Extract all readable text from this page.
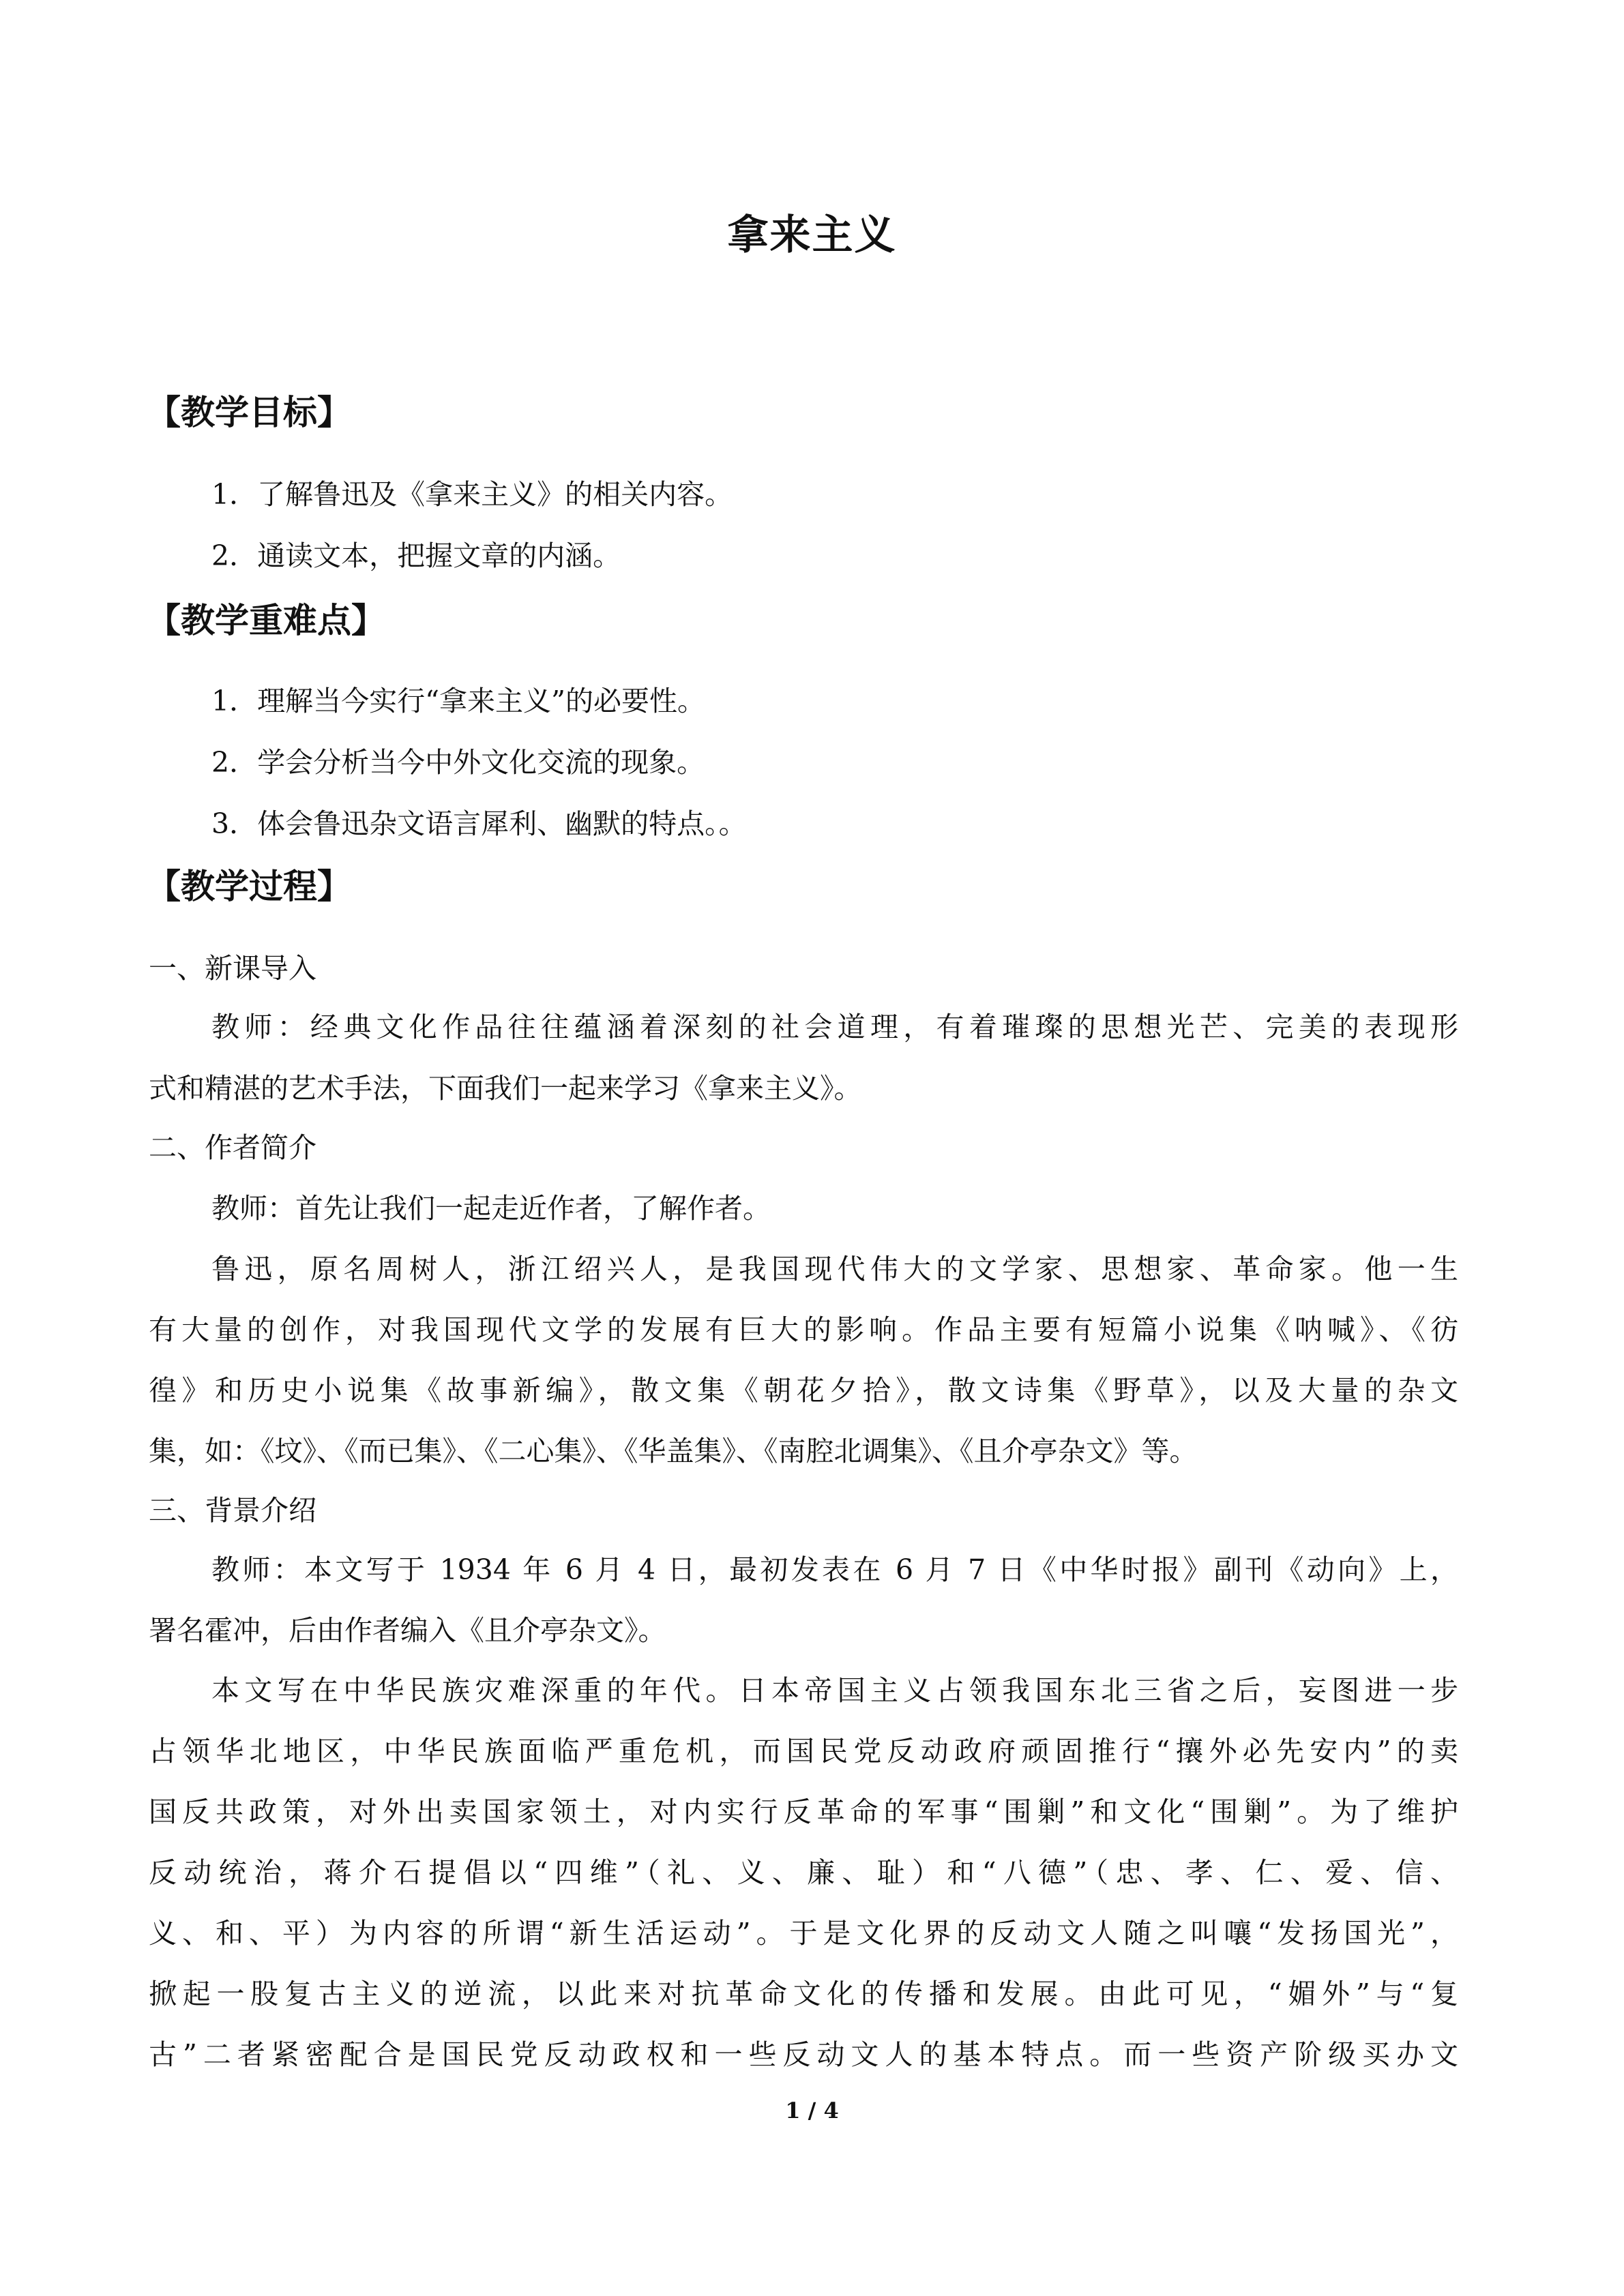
拿来主义
【教学目标】
1．了解鲁迅及《拿来主义》的相关内容。
2．通读文本，把握文章的内涵。
【教学重难点】
1．理解当今实行“拿来主义”的必要性。
2．学会分析当今中外文化交流的现象。
3．体会鲁迅杂文语言犀利、幽默的特点。。
【教学过程】
一、新课导入
教师：经典文化作品往往蕴涵着深刻的社会道理，有着璀璨的思想光芒、完美的表现形
式和精湛的艺术手法，下面我们一起来学习《拿来主义》。
二、作者简介
教师：首先让我们一起走近作者，了解作者。
鲁迅，原名周树人，浙江绍兴人，是我国现代伟大的文学家、思想家、革命家。他一生
有大量的创作，对我国现代文学的发展有巨大的影响。作品主要有短篇小说集《呐喊》、《彷
徨》和历史小说集《故事新编》，散文集《朝花夕拾》，散文诗集《野草》，以及大量的杂文
集，如：《坟》、《而已集》、《二心集》、《华盖集》、《南腔北调集》、《且介亭杂文》等。
三、背景介绍
教师：本文写于 1934 年 6 月 4 日，最初发表在 6 月 7 日《中华时报》副刊《动向》上，
署名霍冲，后由作者编入《且介亭杂文》。
本文写在中华民族灾难深重的年代。日本帝国主义占领我国东北三省之后，妄图进一步
占领华北地区，中华民族面临严重危机，而国民党反动政府顽固推行“攘外必先安内”的卖
国反共政策，对外出卖国家领土，对内实行反革命的军事“围剿”和文化“围剿”。为了维护
反动统治，蒋介石提倡以“四维”（礼、义、廉、耻）和“八德”（忠、孝、仁、爱、信、
义、和、平）为内容的所谓“新生活运动”。于是文化界的反动文人随之叫嚷“发扬国光”，
掀起一股复古主义的逆流，以此来对抗革命文化的传播和发展。由此可见，“媚外”与“复
古”二者紧密配合是国民党反动政权和一些反动文人的基本特点。而一些资产阶级买办文
1 / 4
